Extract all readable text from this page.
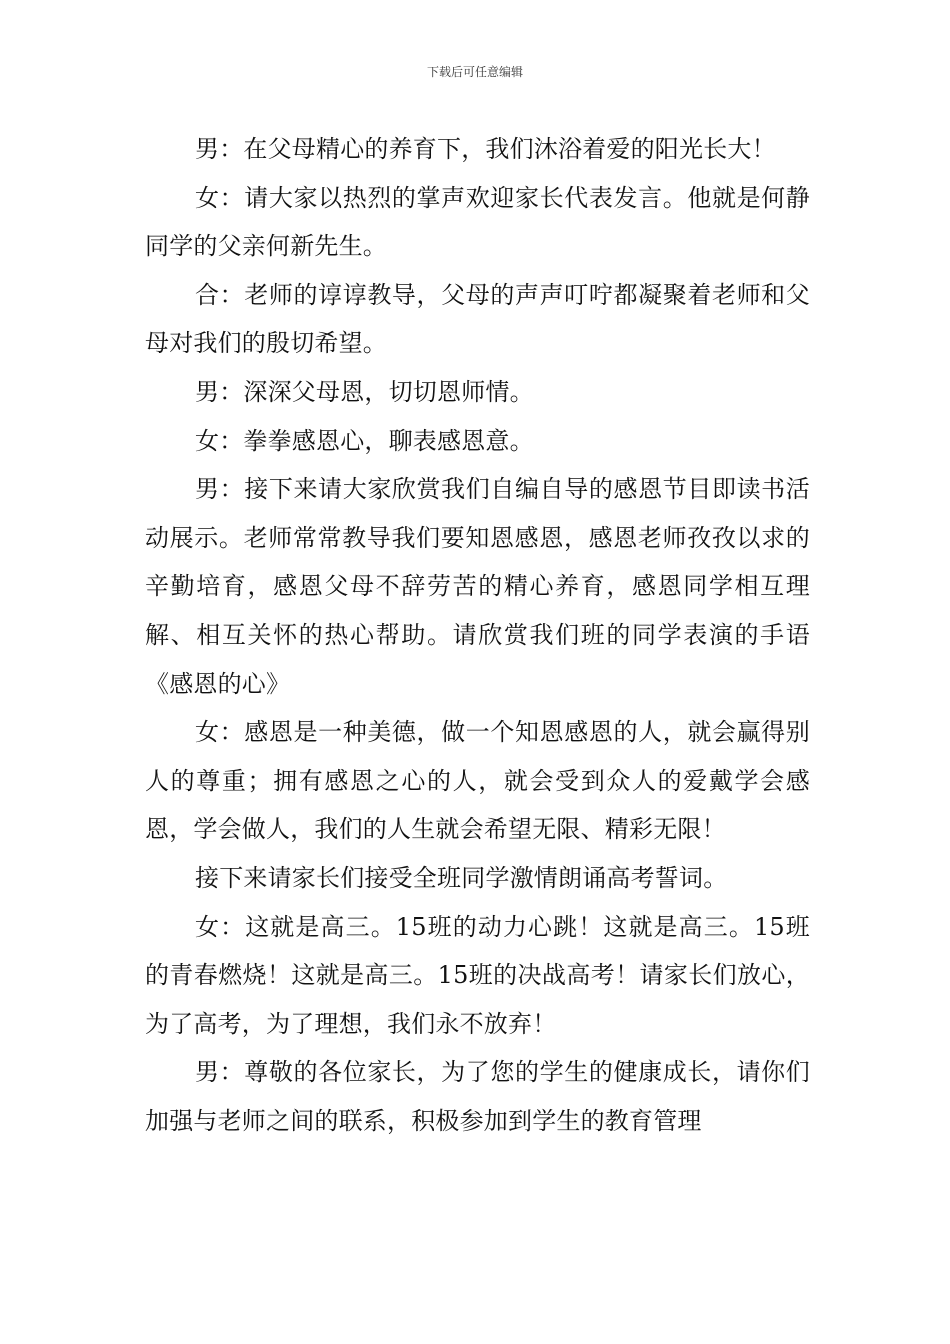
下载后可任意编辑

男：在父母精心的养育下，我们沐浴着爱的阳光长大！

女：请大家以热烈的掌声欢迎家长代表发言。他就是何静同学的父亲何新先生。

合：老师的谆谆教导，父母的声声叮咛都凝聚着老师和父母对我们的殷切希望。

男：深深父母恩，切切恩师情。

女：拳拳感恩心，聊表感恩意。

男：接下来请大家欣赏我们自编自导的感恩节目即读书活动展示。老师常常教导我们要知恩感恩，感恩老师孜孜以求的辛勤培育，感恩父母不辞劳苦的精心养育，感恩同学相互理解、相互关怀的热心帮助。请欣赏我们班的同学表演的手语《感恩的心》

女：感恩是一种美德，做一个知恩感恩的人，就会赢得别人的尊重；拥有感恩之心的人，就会受到众人的爱戴学会感恩，学会做人，我们的人生就会希望无限、精彩无限！

接下来请家长们接受全班同学激情朗诵高考誓词。

女：这就是高三。15班的动力心跳！这就是高三。15班的青春燃烧！这就是高三。15班的决战高考！请家长们放心，为了高考，为了理想，我们永不放弃！

男：尊敬的各位家长，为了您的学生的健康成长，请你们加强与老师之间的联系，积极参加到学生的教育管理
